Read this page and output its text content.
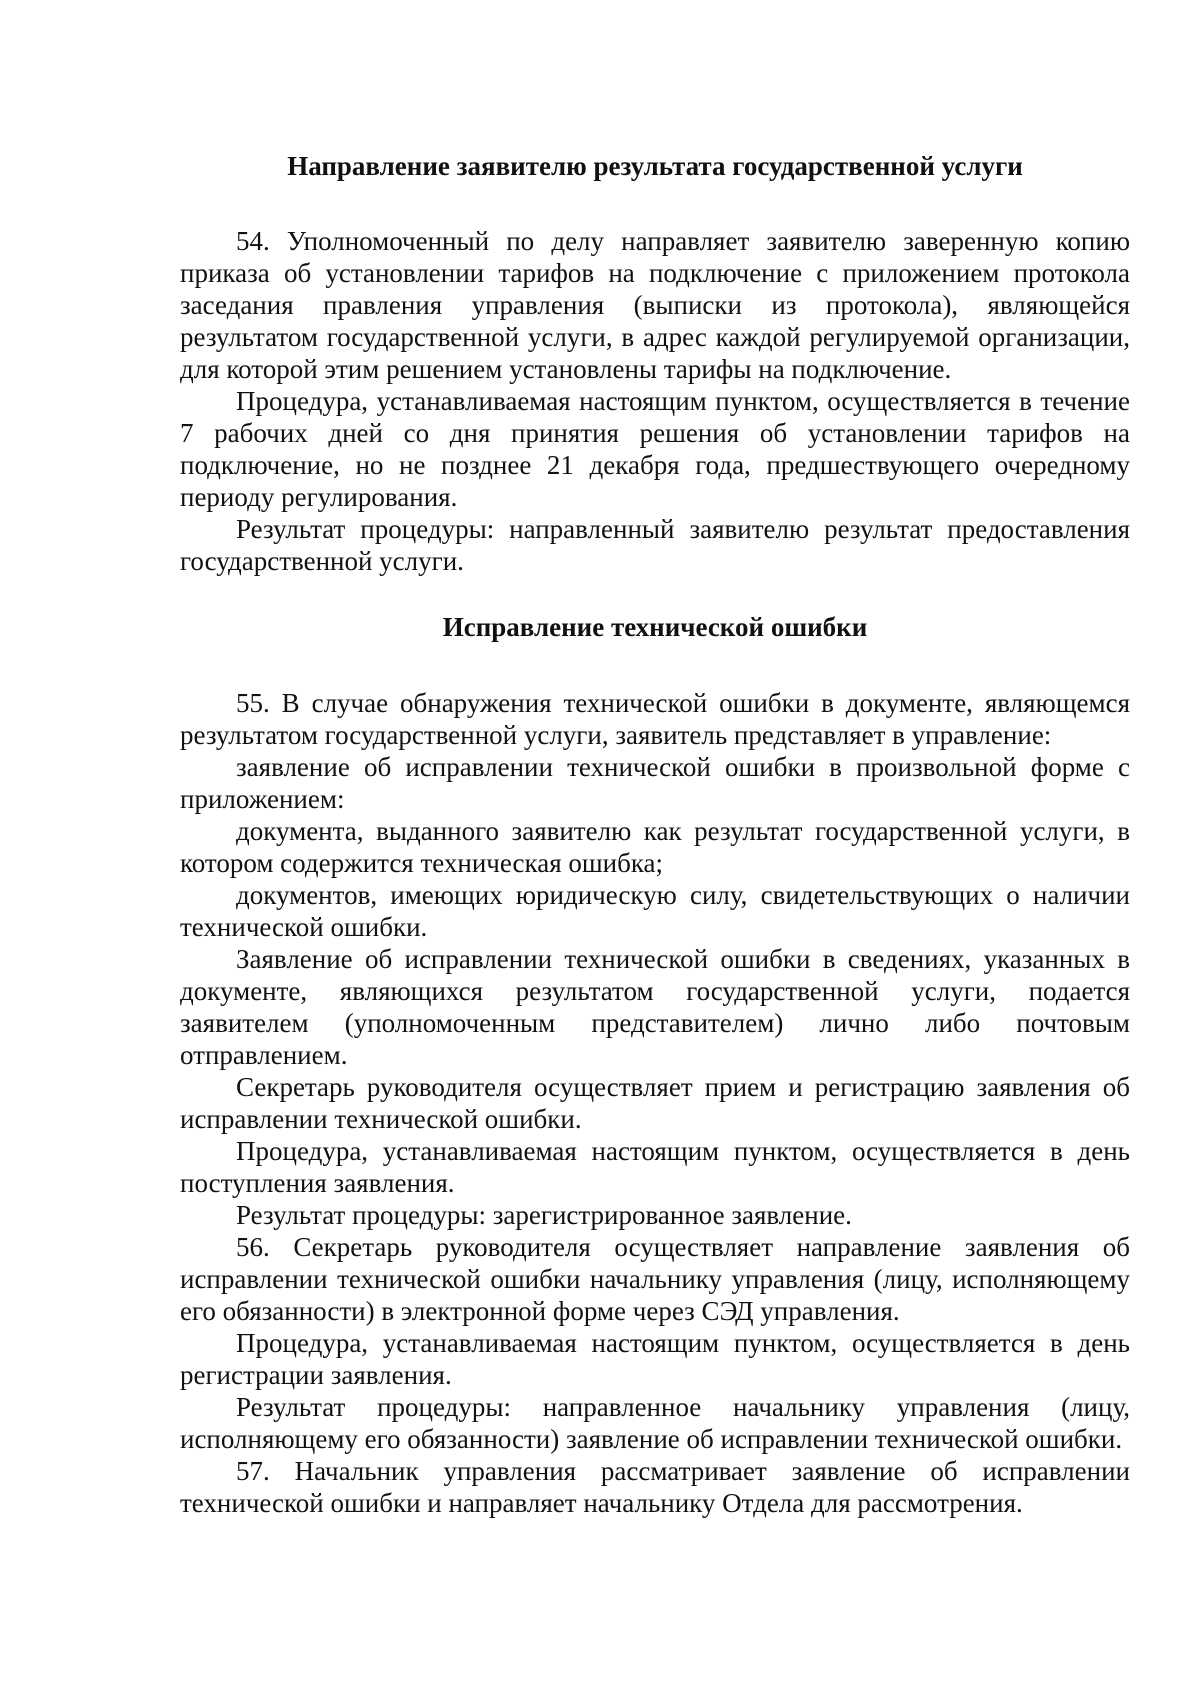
Направление заявителю результата государственной услуги

54. Уполномоченный по делу направляет заявителю заверенную копию приказа об установлении тарифов на подключение с приложением протокола заседания правления управления (выписки из протокола), являющейся результатом государственной услуги, в адрес каждой регулируемой организации, для которой этим решением установлены тарифы на подключение.

Процедура, устанавливаемая настоящим пунктом, осуществляется в течение 7 рабочих дней со дня принятия решения об установлении тарифов на подключение, но не позднее 21 декабря года, предшествующего очередному периоду регулирования.

Результат процедуры: направленный заявителю результат предоставления государственной услуги.

Исправление технической ошибки

55. В случае обнаружения технической ошибки в документе, являющемся результатом государственной услуги, заявитель представляет в управление:

заявление об исправлении технической ошибки в произвольной форме с приложением:

документа, выданного заявителю как результат государственной услуги, в котором содержится техническая ошибка;

документов, имеющих юридическую силу, свидетельствующих о наличии технической ошибки.

Заявление об исправлении технической ошибки в сведениях, указанных в документе, являющихся результатом государственной услуги, подается заявителем (уполномоченным представителем) лично либо почтовым отправлением.

Секретарь руководителя осуществляет прием и регистрацию заявления об исправлении технической ошибки.

Процедура, устанавливаемая настоящим пунктом, осуществляется в день поступления заявления.

Результат процедуры: зарегистрированное заявление.

56. Секретарь руководителя осуществляет направление заявления об исправлении технической ошибки начальнику управления (лицу, исполняющему его обязанности) в электронной форме через СЭД управления.

Процедура, устанавливаемая настоящим пунктом, осуществляется в день регистрации заявления.

Результат процедуры: направленное начальнику управления (лицу, исполняющему его обязанности) заявление об исправлении технической ошибки.

57. Начальник управления рассматривает заявление об исправлении технической ошибки и направляет начальнику Отдела для рассмотрения.
